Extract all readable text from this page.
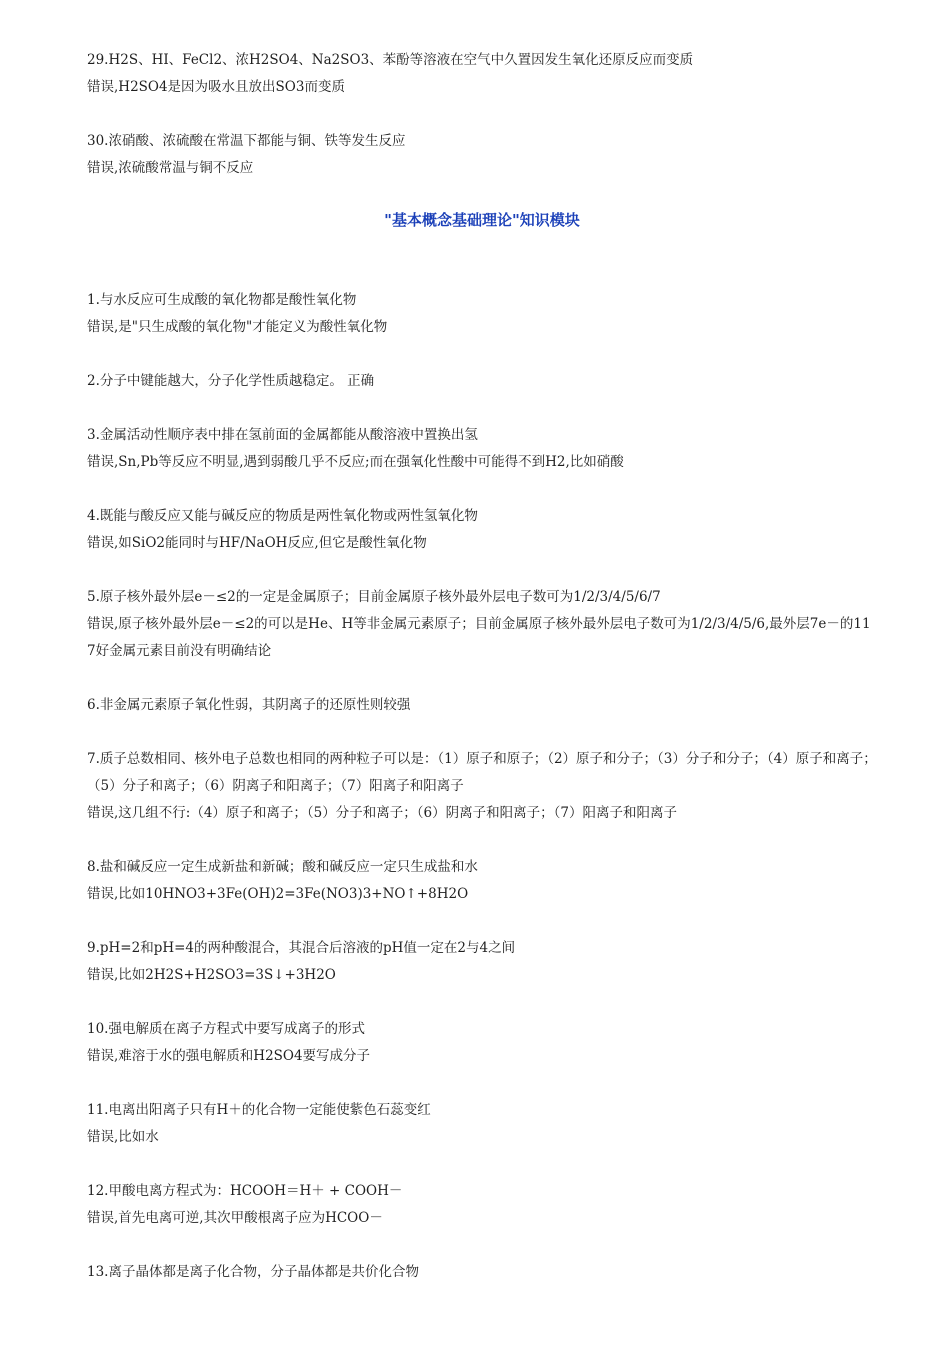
29.H2S、HI、FeCl2、浓H2SO4、Na2SO3、苯酚等溶液在空气中久置因发生氧化还原反应而变质
错误,H2SO4是因为吸水且放出SO3而变质
30.浓硝酸、浓硫酸在常温下都能与铜、铁等发生反应
错误,浓硫酸常温与铜不反应
"基本概念基础理论"知识模块
1.与水反应可生成酸的氧化物都是酸性氧化物
错误,是"只生成酸的氧化物"才能定义为酸性氧化物
2.分子中键能越大，分子化学性质越稳定。 正确
3.金属活动性顺序表中排在氢前面的金属都能从酸溶液中置换出氢
错误,Sn,Pb等反应不明显,遇到弱酸几乎不反应;而在强氧化性酸中可能得不到H2,比如硝酸
4.既能与酸反应又能与碱反应的物质是两性氧化物或两性氢氧化物
错误,如SiO2能同时与HF/NaOH反应,但它是酸性氧化物
5.原子核外最外层e－≤2的一定是金属原子；目前金属原子核外最外层电子数可为1/2/3/4/5/6/7
错误,原子核外最外层e－≤2的可以是He、H等非金属元素原子；目前金属原子核外最外层电子数可为1/2/3/4/5/6,最外层7e－的117好金属元素目前没有明确结论
6.非金属元素原子氧化性弱，其阴离子的还原性则较强
7.质子总数相同、核外电子总数也相同的两种粒子可以是：（1）原子和原子；（2）原子和分子；（3）分子和分子；（4）原子和离子；（5）分子和离子；（6）阴离子和阳离子；（7）阳离子和阳离子
错误,这几组不行:（4）原子和离子；（5）分子和离子；（6）阴离子和阳离子；（7）阳离子和阳离子
8.盐和碱反应一定生成新盐和新碱；酸和碱反应一定只生成盐和水
错误,比如10HNO3+3Fe(OH)2=3Fe(NO3)3+NO↑+8H2O
9.pH=2和pH=4的两种酸混合，其混合后溶液的pH值一定在2与4之间
错误,比如2H2S+H2SO3=3S↓+3H2O
10.强电解质在离子方程式中要写成离子的形式
错误,难溶于水的强电解质和H2SO4要写成分子
11.电离出阳离子只有H＋的化合物一定能使紫色石蕊变红
错误,比如水
12.甲酸电离方程式为：HCOOH＝H＋ + COOH－
错误,首先电离可逆,其次甲酸根离子应为HCOO－
13.离子晶体都是离子化合物，分子晶体都是共价化合物
